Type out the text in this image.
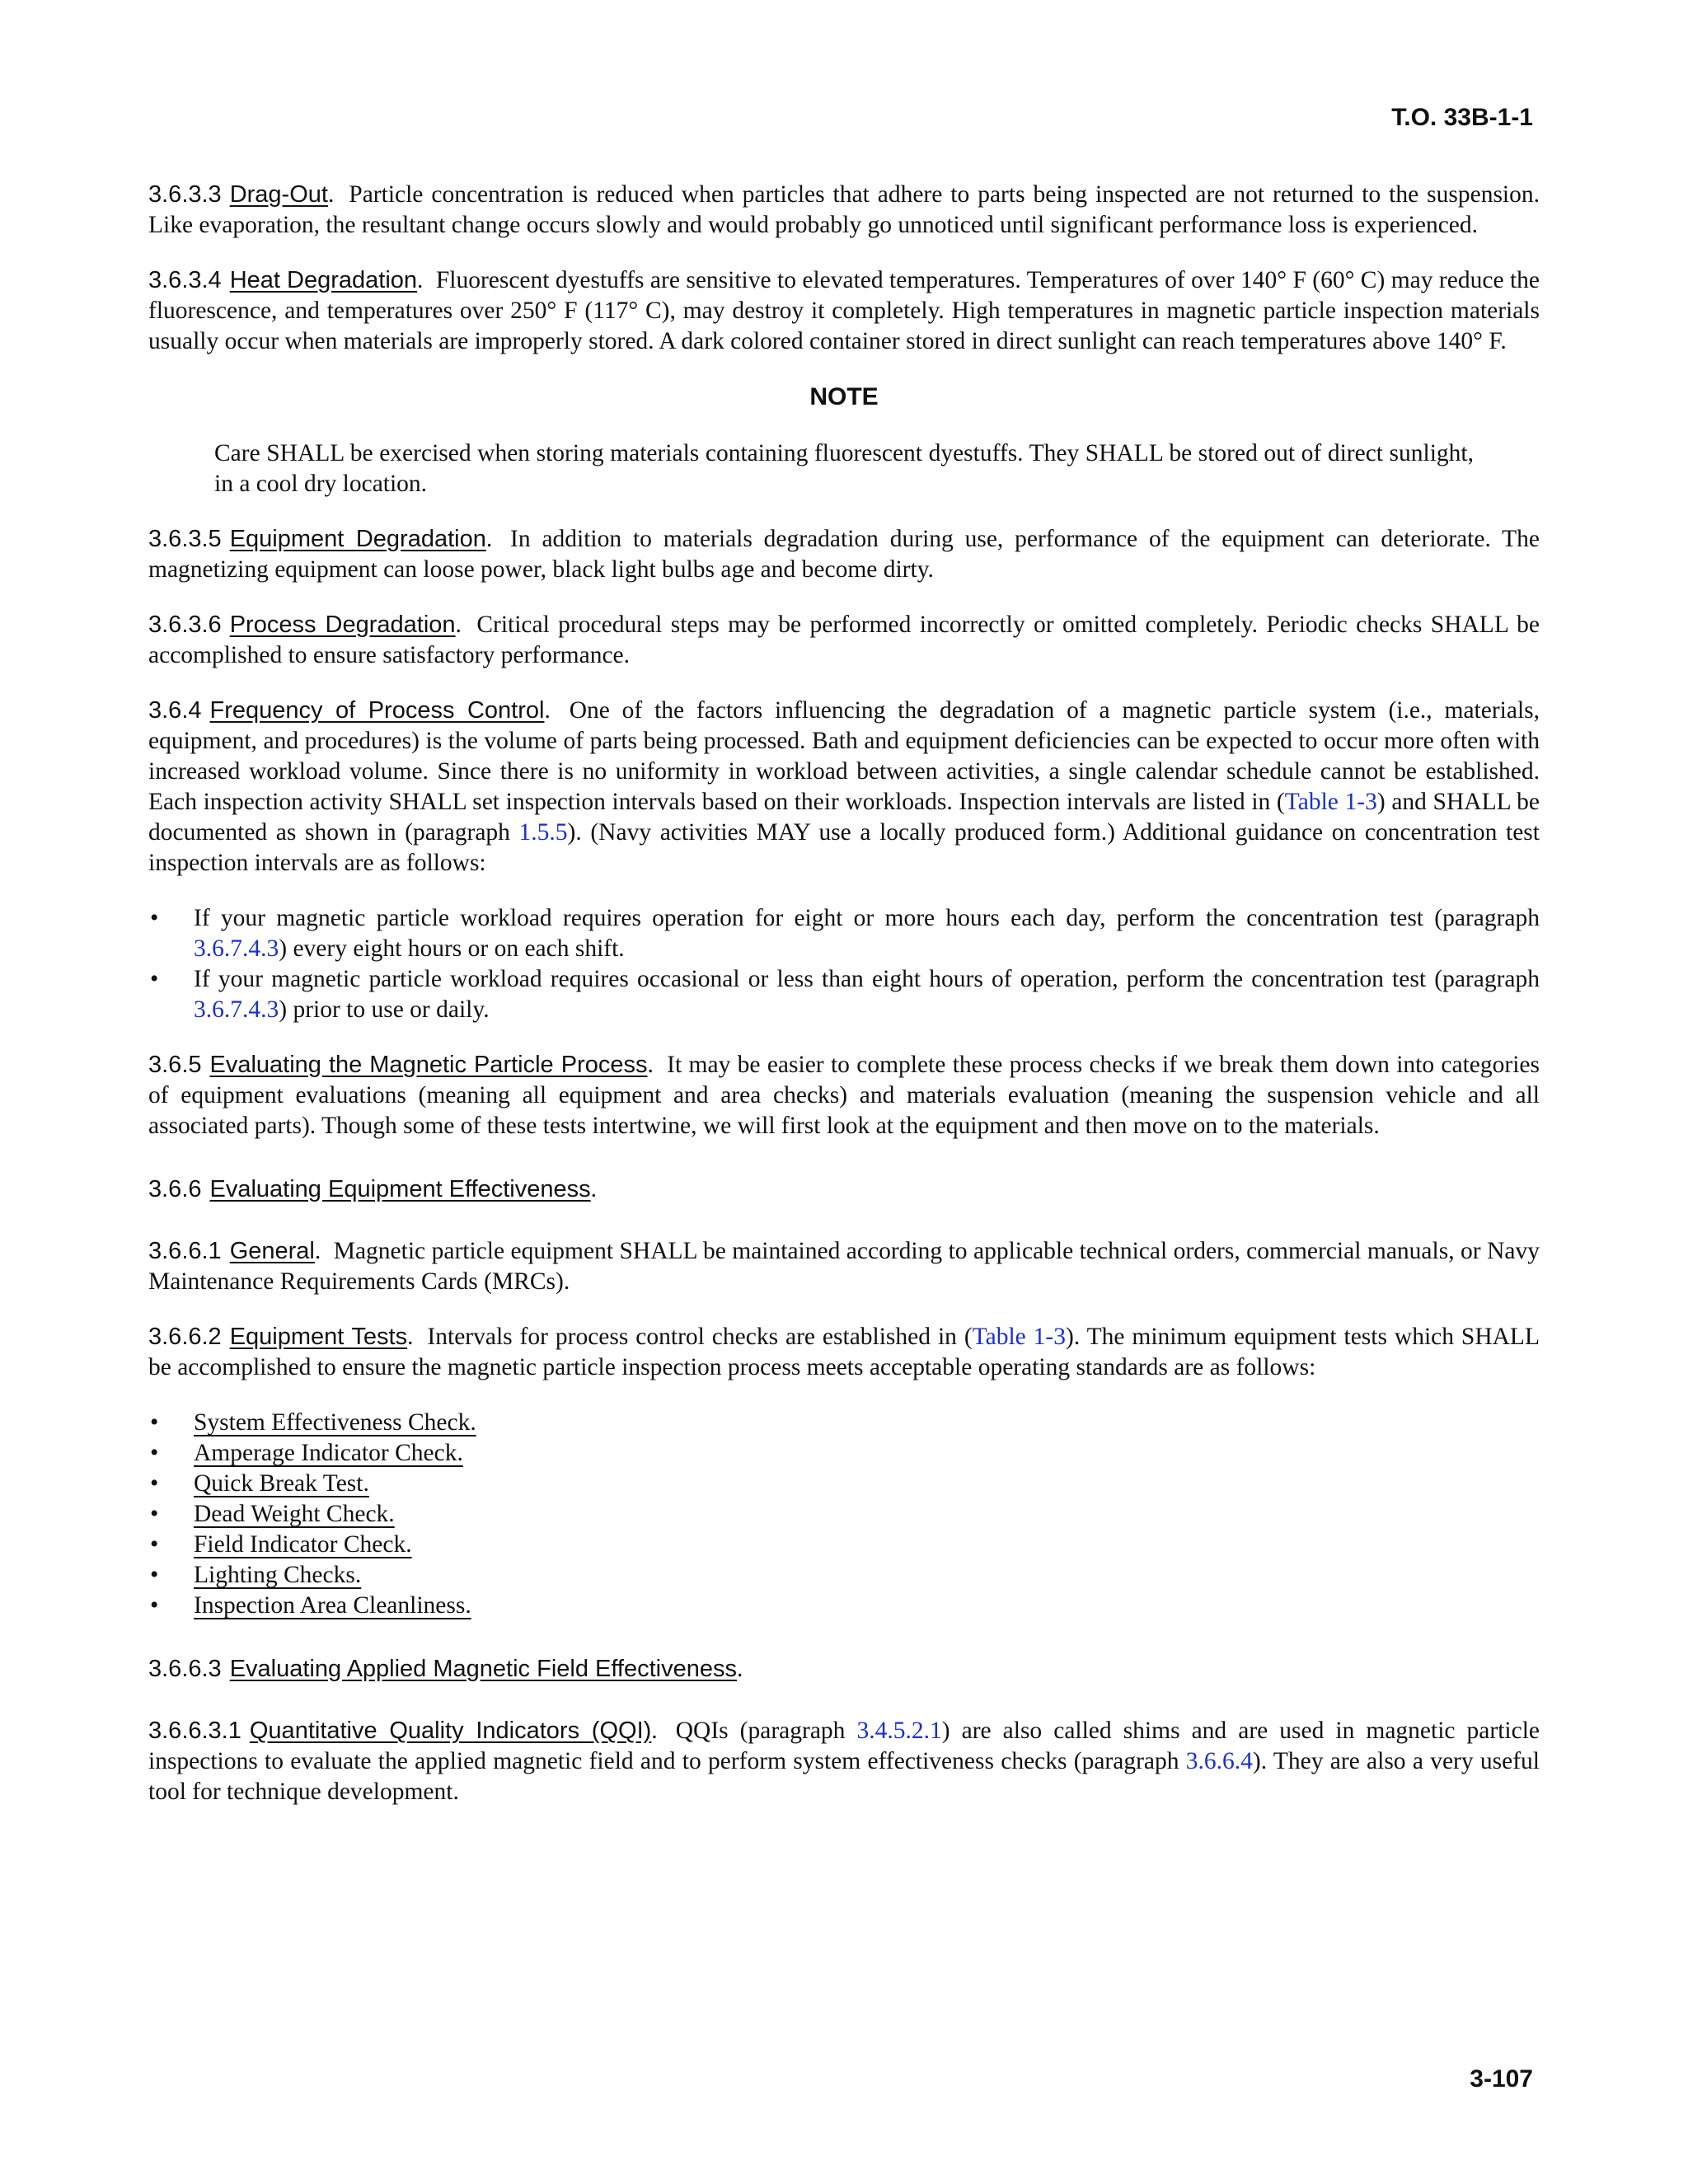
T.O. 33B-1-1

3.6.3.3 Drag-Out. Particle concentration is reduced when particles that adhere to parts being inspected are not returned to the suspension. Like evaporation, the resultant change occurs slowly and would probably go unnoticed until significant performance loss is experienced.

3.6.3.4 Heat Degradation. Fluorescent dyestuffs are sensitive to elevated temperatures. Temperatures of over 140° F (60° C) may reduce the fluorescence, and temperatures over 250° F (117° C), may destroy it completely. High temperatures in magnetic particle inspection materials usually occur when materials are improperly stored. A dark colored container stored in direct sunlight can reach temperatures above 140° F.

NOTE

Care SHALL be exercised when storing materials containing fluorescent dyestuffs. They SHALL be stored out of direct sunlight, in a cool dry location.

3.6.3.5 Equipment Degradation. In addition to materials degradation during use, performance of the equipment can deteriorate. The magnetizing equipment can loose power, black light bulbs age and become dirty.

3.6.3.6 Process Degradation. Critical procedural steps may be performed incorrectly or omitted completely. Periodic checks SHALL be accomplished to ensure satisfactory performance.

3.6.4 Frequency of Process Control. One of the factors influencing the degradation of a magnetic particle system (i.e., materials, equipment, and procedures) is the volume of parts being processed. Bath and equipment deficiencies can be expected to occur more often with increased workload volume. Since there is no uniformity in workload between activities, a single calendar schedule cannot be established. Each inspection activity SHALL set inspection intervals based on their workloads. Inspection intervals are listed in (Table 1-3) and SHALL be documented as shown in (paragraph 1.5.5). (Navy activities MAY use a locally produced form.) Additional guidance on concentration test inspection intervals are as follows:

• If your magnetic particle workload requires operation for eight or more hours each day, perform the concentration test (paragraph 3.6.7.4.3) every eight hours or on each shift.
• If your magnetic particle workload requires occasional or less than eight hours of operation, perform the concentration test (paragraph 3.6.7.4.3) prior to use or daily.

3.6.5 Evaluating the Magnetic Particle Process. It may be easier to complete these process checks if we break them down into categories of equipment evaluations (meaning all equipment and area checks) and materials evaluation (meaning the suspension vehicle and all associated parts). Though some of these tests intertwine, we will first look at the equipment and then move on to the materials.

3.6.6 Evaluating Equipment Effectiveness.

3.6.6.1 General. Magnetic particle equipment SHALL be maintained according to applicable technical orders, commercial manuals, or Navy Maintenance Requirements Cards (MRCs).

3.6.6.2 Equipment Tests. Intervals for process control checks are established in (Table 1-3). The minimum equipment tests which SHALL be accomplished to ensure the magnetic particle inspection process meets acceptable operating standards are as follows:

• System Effectiveness Check.
• Amperage Indicator Check.
• Quick Break Test.
• Dead Weight Check.
• Field Indicator Check.
• Lighting Checks.
• Inspection Area Cleanliness.

3.6.6.3 Evaluating Applied Magnetic Field Effectiveness.

3.6.6.3.1 Quantitative Quality Indicators (QQI). QQIs (paragraph 3.4.5.2.1) are also called shims and are used in magnetic particle inspections to evaluate the applied magnetic field and to perform system effectiveness checks (paragraph 3.6.6.4). They are also a very useful tool for technique development.

3-107
